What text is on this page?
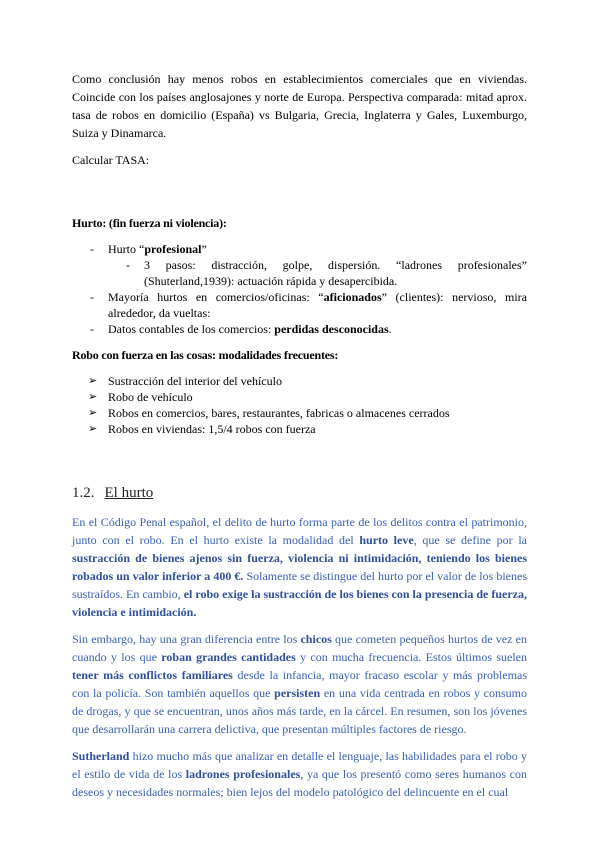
Como conclusión hay menos robos en establecimientos comerciales que en viviendas. Coincide con los países anglosajones y norte de Europa. Perspectiva comparada: mitad aprox. tasa de robos en domicilio (España) vs Bulgaria, Grecia, Inglaterra y Gales, Luxemburgo, Suiza y Dinamarca.

Calcular TASA:

Hurto: (fin fuerza ni violencia):

- Hurto “profesional”
- 3 pasos: distracción, golpe, dispersión. “ladrones profesionales” (Shuterland,1939): actuación rápida y desapercibida.
- Mayoría hurtos en comercios/oficinas: “aficionados” (clientes): nervioso, mira alrededor, da vueltas:
- Datos contables de los comercios: perdidas desconocidas.

Robo con fuerza en las cosas: modalidades frecuentes:

➢ Sustracción del interior del vehículo
➢ Robo de vehículo
➢ Robos en comercios, bares, restaurantes, fabricas o almacenes cerrados
➢ Robos en viviendas: 1,5/4 robos con fuerza
1.2. El hurto

En el Código Penal español, el delito de hurto forma parte de los delitos contra el patrimonio, junto con el robo. En el hurto existe la modalidad del hurto leve, que se define por la sustracción de bienes ajenos sin fuerza, violencia ni intimidación, teniendo los bienes robados un valor inferior a 400 €. Solamente se distingue del hurto por el valor de los bienes sustraídos. En cambio, el robo exige la sustracción de los bienes con la presencia de fuerza, violencia e intimidación.

Sin embargo, hay una gran diferencia entre los chicos que cometen pequeños hurtos de vez en cuando y los que roban grandes cantidades y con mucha frecuencia. Estos últimos suelen tener más conflictos familiares desde la infancia, mayor fracaso escolar y más problemas con la policía. Son también aquellos que persisten en una vida centrada en robos y consumo de drogas, y que se encuentran, unos años más tarde, en la cárcel. En resumen, son los jóvenes que desarrollarán una carrera delictiva, que presentan múltiples factores de riesgo.

Sutherland hizo mucho más que analizar en detalle el lenguaje, las habilidades para el robo y el estilo de vida de los ladrones profesionales, ya que los presentó como seres humanos con deseos y necesidades normales; bien lejos del modelo patológico del delincuente en el cual
